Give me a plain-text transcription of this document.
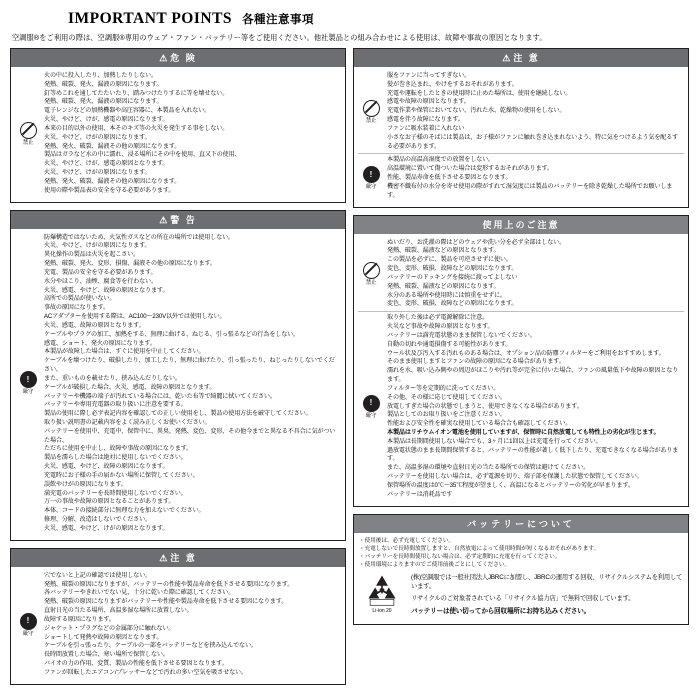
IMPORTANT POINTS 各種注意事項
空調服®をご利用の際は、空調服®専用のウェア・ファン・バッテリー等をご使用ください。他社製品との組み合わせによる使用は、故障や事故の原因となります。
⚠ 危 険
禁止
火の中に投入したり、加熱したりしない。
発熱、破裂、発火、漏液の原因になります。
釘等めこれを通してたたいたり、踏みつけたりするに等を壊せない。
発熱、破裂、発火、漏液の原因になります。
電子レンジなどの加熱機器や高圧容器に、本製品を入れない。
火災、やけど、けが、感電の原因になります。
本来の目的以外の使用、本そのキズ等の火災を発生する事をしない。
火災、やけど、けがの原因になります。
発熱、発火、破裂、漏液その他の原因になります。
製品はガラなど水の中に濡れ、浸る場所にその中を使用、直又下の使用、
火災、やけど、けが、感電の原因となります。
火災、やけど、けがの原因になります。
発熱、発火、破裂、漏液その他の原因になります。
使用の際や製品表の安全を守る必要があります。
⚠ 警 告
!
厳守
防爆構造ではないため、火気性ガスなどの所在の場所では使用しない。
火災、やけど、けがの原因になります。
異化操作の製品は火災を起こさい。
発熱、破裂、発火、変形、損傷、漏液その他の原因になります。
充電、製品の安全を守る必要があります。
水分やほこり、油煙、腐食等を行わない。
火災、感電、やけど、故障の原因となります。
高所での製品が使いない。
事故の原因になります。
ACアダプターを使用する際は、AC100〜230V以外では使用しない。
火災、感電、故障の原因となります。
ケーブルやプラグの加工、加熱をする、無理に曲げる、ねじる、引っ張るなどの行為をしない。
感電、ショート、発火の原因になります。
本製品が故障した場合は、すぐに使用を中止してください。
ケーブルを壊つけたり、破損したり、加工したり、無理に曲げたり、引っ張ったり、ねじったりしないでください。
また、重いものを載せたり、挟み込んだりしない。
ケーブルが破損した場合、火災、感電、故障の原因となります。
バッテリーや機器の端子が汚れている場合には、乾いた布等で綺麗に拭いてください。
バッテリーや専用充電器の取り扱いに注意を要する。
製品の使用に際し必ず表記内容を確認しての正しい使用をし、製品の使用方法を厳守してください。
取り扱い説明書の記載内容をよく読み正しくお使いください。
バッテリーを使用中、充電中、保管中に、異臭、発熱、変色、変形、その他今までと異なる不具合に気がついた場合、
ただちに使用を中止し、故障や事故の原因になります。
製品を濡らした場合は絶対に使用しないでください。
火災、感電、やけど、故障の原因になります。
充電時にお子様の手の届かない場所に保管してください。
誤飲やけがの原因になります。
満充電のバッテリーを長時間使用しないでください。
万一の事故や故障の原因となることがあります。
本体、コードの接続部分に無理な力を加えないでください。
修理、分解、改造はしないでください。
火災、感電、やけど、けがの原因となります。
⚠ 注 意
!
厳守
穴でないと上記の確認では使用しない。
発熱、破裂の原因になりますが、バッテリーの性能や製品寿命を低下させる要因になります。
各バッテリーやきれいでない見、十分に乾いた際に確認してください。
発熱、破裂の原因になりますがバッテリーや性能や製品寿命を低下させる要因になります。
直射日光の当たる場所、高温多湿な場所に放置しない。
故障する原因になります。
ジャケット・プラグなどの金属部分に触れない。
ショートして発熱や故障の原因となります。
ケーブルを引っ張ったり、ケーブルの一部をバッテリーなどを挟み込んでない。
長時間放置した場合、寒い場所で保管しない。
バイオの力の作用、変質、製品の性能を低下させる要因となります。
ファンが回転したエアコン/プレッサーなどで汚れの多い空気を吸させない。
⚠ 注 意
禁止
服をファンに当ってすぎない。
髪が巻き込まれ、やけをするおそれがあります。
充電や運転をしたときの使用時に止めた場所は、使用を継続しない。
感電や故障の原因となります。
充電作業や保管においてない、汚れた水、乾燥物の使用をしない。
感電を伴う故障になります。
ファンに吸水装着に入れない
小さなお子様のそばには製品は、お子様がファンに触れ巻き込まれないよう、特に気をつけるよう気を配るする必要があります。
!
厳守
本製品の高温高湿度での放置をしない。
高温環境に置いて傷ついた場合は変形するおそれがあります。
性能、製品寿命を低下させる要因となります。
機密不織布付の水分を寄せ使用の際がすれて湿気度には製品のバッテリーを除き乾燥した場所でお願いします。
使用上のご注意
禁止
ぬいだり、お洗濯の際はどのウェアや洗い分を必ず全部はしない。
発熱、破裂、漏液などの原因となります。
この製品を必ずに、製品を可逆させずに使い。
変色、変形、破損、故障などの原因になります。
バッテリーのドッキングを接続に渡ってよしない
発熱、破裂、漏液などの原因になります。
水分のある場所や使用時には慎重をせずに。
変色、変形、破損、故障などの原因になります。
!
厳守
取り外した後は必ず電源解除に注意。
火災など事故や故障の原因となります。
バッテリーは満充電状態のまま保管しないでください。
自動の切れや通電損傷する可能性があります。
ウール状及び汚入する汚れものある場合は、オプション品の防塵フィルターをご利用をおすすめします。
そのまま使用しますとファンの故障の原因になる場合があります。
濡れを水、吸い込み側やの周辺がほこりや汚れ等が完全に付いた場合、ファンの風量低下や故障の原因となります。
フィルター等を定期的に洗ってください。
その他、その様に応じて使用してください。
放電しすぎた場合の状態でしまうと、使用できなくなる場合があります。
製品としてのお取り扱いをご注意ください。
性能および安全性を確実な使用している場合合も確認してください。
本製品はリチウムイオン電池を使用していますが、保管時に自然放電しても特性上の劣化が生じます。
本製品は長期間使用しない場合でも、3ヶ月に1回以上は充電を行ってください。
過放電状態のまま長期間保管すると、バッテリーの性能が著しく低下したり、充電できなくなる場合があります。
また、高温多湿の環境や直射日光の当たる場所での保管は避けてください。
バッテリーを使用しない場合は、必ず電源を切り、端子部を保護した状態で保管してください。
保管場所の温度は0℃〜35℃程度が望ましく、高温になるとバッテリーの劣化が早まります。
バッテリーは消耗品です
バッテリーについて
・使用後は、必ず充電してください。
・充電しないで長時間放置しますと、自然放電によって使用時間が短くなるおそれがあります。
・バッテリーを長時間使用しない場合は、必ず定期的に充電を行ってください。
・使用環境によりますのでご使用前後ごとにしてください。
Li-ion 20

(株)空調服では一般社団法人JBRCに加盟し、JBRCの運用する回収、リサイクルシステムを利用しています。

リサイクルのご対象者されている「リサイクル協力店」で無料で回収しています。

バッテリーは使い切ってから回収場所にお持ち込みください。
